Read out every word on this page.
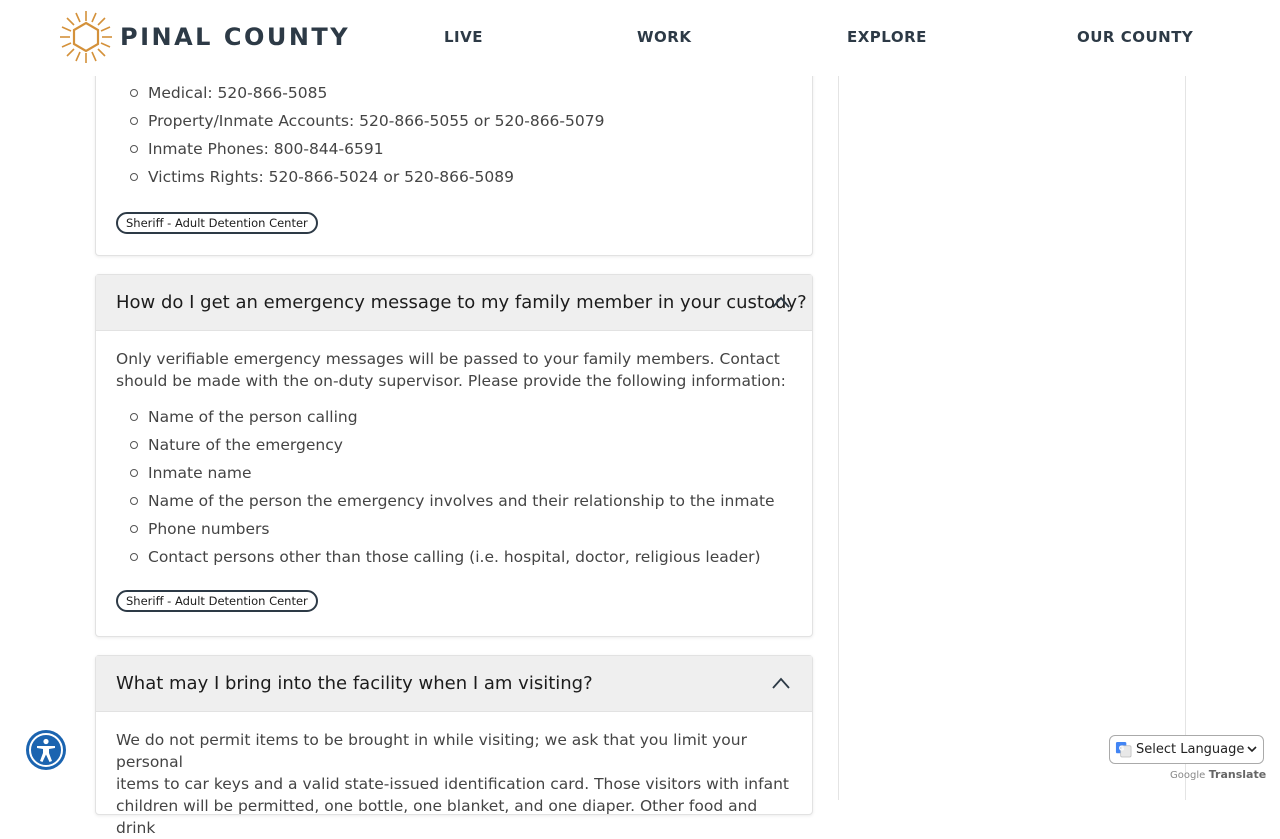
PINAL COUNTY	LIVE	WORK	EXPLORE	OUR COUNTY
Medical: 520-866-5085
Property/Inmate Accounts: 520-866-5055 or 520-866-5079
Inmate Phones: 800-844-6591
Victims Rights: 520-866-5024 or 520-866-5089
Sheriff - Adult Detention Center
How do I get an emergency message to my family member in your custody?

Only verifiable emergency messages will be passed to your family members. Contact
should be made with the on-duty supervisor. Please provide the following information:

Name of the person calling
Nature of the emergency
Inmate name
Name of the person the emergency involves and their relationship to the inmate
Phone numbers
Contact persons other than those calling (i.e. hospital, doctor, religious leader)
Sheriff - Adult Detention Center
What may I bring into the facility when I am visiting?

We do not permit items to be brought in while visiting; we ask that you limit your personal
items to car keys and a valid state-issued identification card. Those visitors with infant
children will be permitted, one bottle, one blanket, and one diaper. Other food and drink

G Select Language
Google Translate
